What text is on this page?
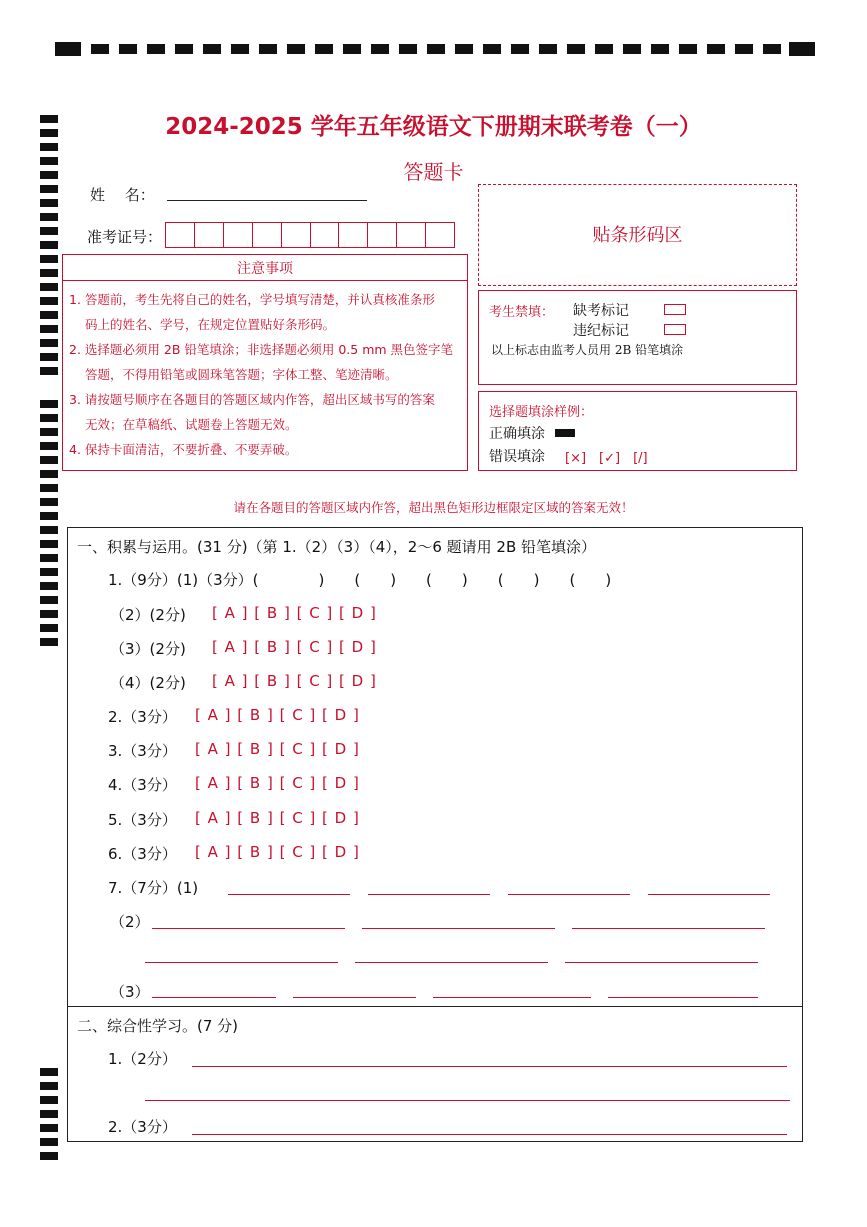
2024-2025 学年五年级语文下册期末联考卷（一）
答题卡
姓　 名：
准考证号：	贴条形码区
注意事项
1. 答题前，考生先将自己的姓名，学号填写清楚，并认真核准条形
码上的姓名、学号，在规定位置贴好条形码。
2. 选择题必须用 2B 铅笔填涂；非选择题必须用 0.5 mm 黑色签字笔
答题，不得用铅笔或圆珠笔答题；字体工整、笔迹清晰。
3. 请按题号顺序在各题目的答题区域内作答，超出区域书写的答案
无效；在草稿纸、试题卷上答题无效。
4. 保持卡面清洁，不要折叠、不要弄破。
考生禁填： 缺考标记
违纪标记
以上标志由监考人员用 2B 铅笔填涂
选择题填涂样例：
正确填涂
错误填涂 [×]　[✓]　[/]
请在各题目的答题区域内作答，超出黑色矩形边框限定区域的答案无效！
一、积累与运用。(31 分)（第 1.（2）（3）（4），2～6 题请用 2B 铅笔填涂）
1.（9分）(1)（3分）(　　　　)　　(　　)　　(　　)　　(　　)　　(　　)
（2）(2分) [ A ] [ B ] [ C ] [ D ]
（3）(2分) [ A ] [ B ] [ C ] [ D ]
（4）(2分) [ A ] [ B ] [ C ] [ D ]
2.（3分） [ A ] [ B ] [ C ] [ D ]
3.（3分） [ A ] [ B ] [ C ] [ D ]
4.（3分） [ A ] [ B ] [ C ] [ D ]
5.（3分） [ A ] [ B ] [ C ] [ D ]
6.（3分） [ A ] [ B ] [ C ] [ D ]
7.（7分）(1)
（2）
（3）
二、综合性学习。(7 分)
1.（2分）
2.（3分）
